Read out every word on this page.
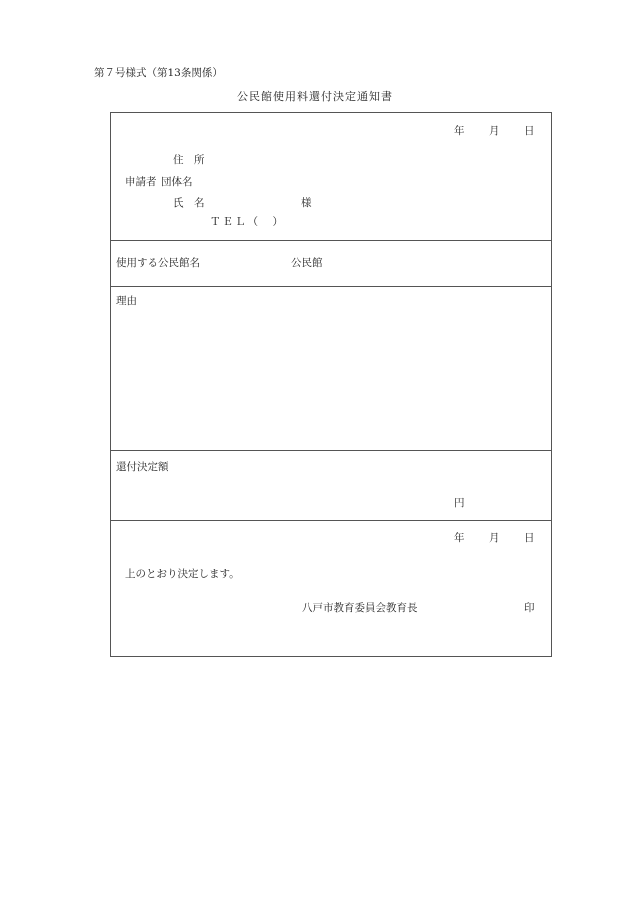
第７号様式（第13条関係）
公民館使用料還付決定通知書
年 月 日
住　所
申請者 団体名
氏　名	様
ＴＥＬ（　）
使用する公民館名	公民館
理由
還付決定額
円
年 月 日
上のとおり決定します。
八戸市教育委員会教育長	印
